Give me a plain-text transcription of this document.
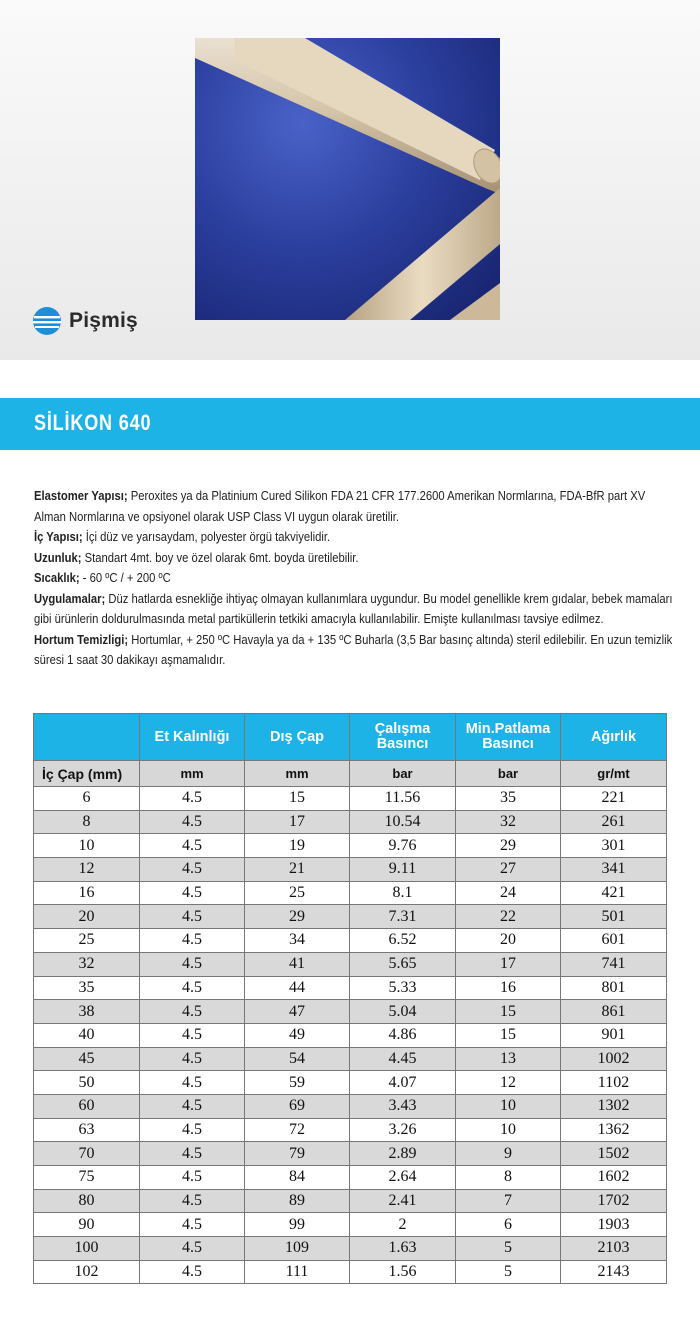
Pişmiş
SİLİKON 640

Elastomer Yapısı; Peroxites ya da Platinium Cured Silikon FDA 21 CFR 177.2600 Amerikan Normlarına, FDA-BfR part XV Alman Normlarına ve opsiyonel olarak USP Class VI uygun olarak üretilir.

İç Yapısı; İçi düz ve yarısaydam, polyester örgü takviyelidir.

Uzunluk; Standart 4mt. boy ve özel olarak 6mt. boyda üretilebilir.

Sıcaklık; - 60 ºC / + 200 ºC

Uygulamalar; Düz hatlarda esnekliğe ihtiyaç olmayan kullanımlara uygundur. Bu model genellikle krem gıdalar, bebek mamaları gibi ürünlerin doldurulmasında metal partiküllerin tetkiki amacıyla kullanılabilir. Emişte kullanılması tavsiye edilmez.

Hortum Temizligi; Hortumlar, + 250 ºC Havayla ya da + 135 ºC Buharla (3,5 Bar basınç altında) steril edilebilir. En uzun temizlik süresi 1 saat 30 dakikayı aşmamalıdır.

	Et Kalınlığı	Dış Çap	Çalışma Basıncı	Min.Patlama Basıncı	Ağırlık
İç Çap (mm)	mm	mm	bar	bar	gr/mt
6	4.5	15	11.56	35	221
8	4.5	17	10.54	32	261
10	4.5	19	9.76	29	301
12	4.5	21	9.11	27	341
16	4.5	25	8.1	24	421
20	4.5	29	7.31	22	501
25	4.5	34	6.52	20	601
32	4.5	41	5.65	17	741
35	4.5	44	5.33	16	801
38	4.5	47	5.04	15	861
40	4.5	49	4.86	15	901
45	4.5	54	4.45	13	1002
50	4.5	59	4.07	12	1102
60	4.5	69	3.43	10	1302
63	4.5	72	3.26	10	1362
70	4.5	79	2.89	9	1502
75	4.5	84	2.64	8	1602
80	4.5	89	2.41	7	1702
90	4.5	99	2	6	1903
100	4.5	109	1.63	5	2103
102	4.5	111	1.56	5	2143
